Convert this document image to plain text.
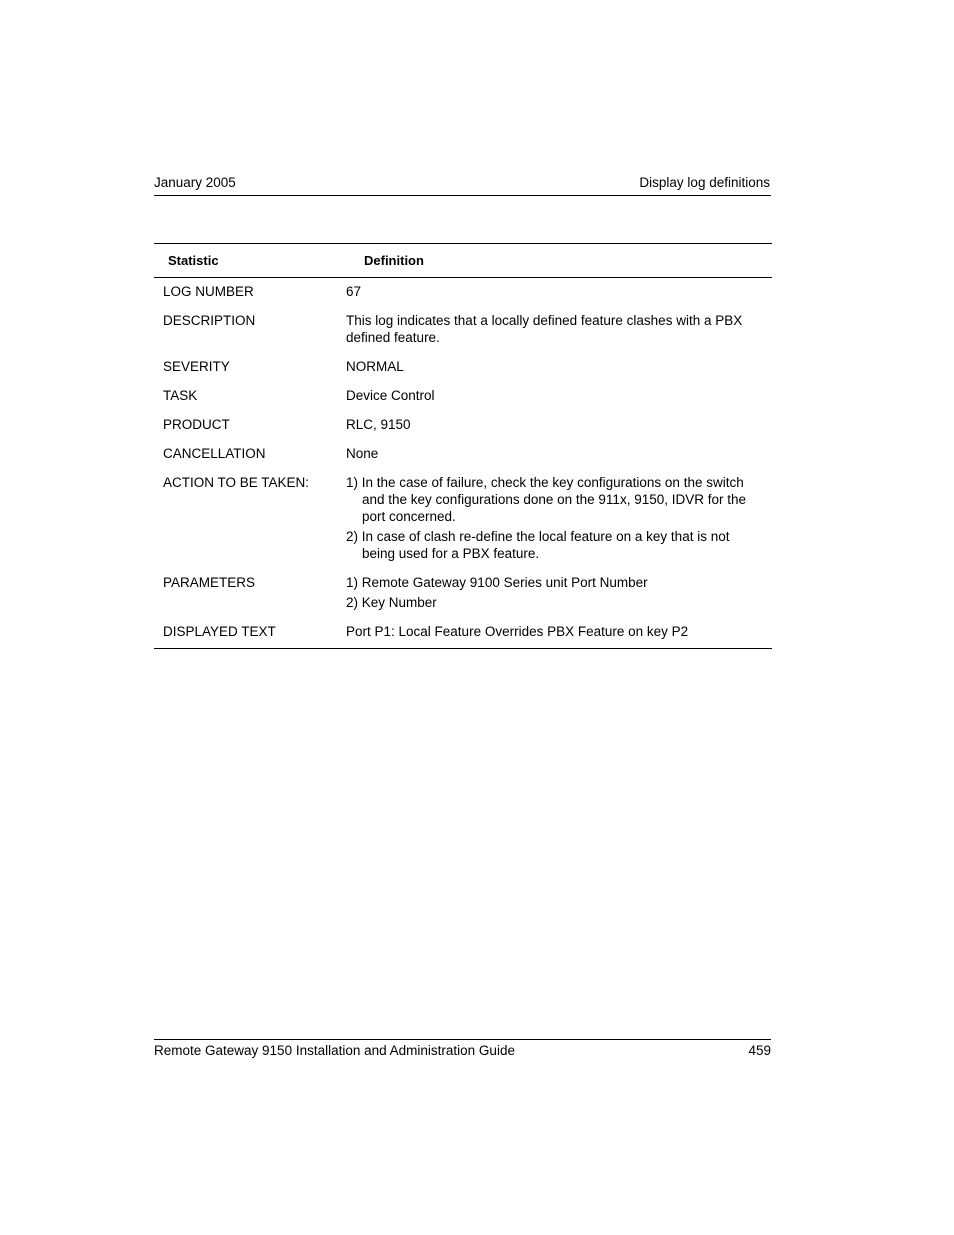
January 2005	Display log definitions
Statistic	Definition
LOG NUMBER	67
DESCRIPTION	This log indicates that a locally defined feature clashes with a PBX defined feature.
SEVERITY	NORMAL
TASK	Device Control
PRODUCT	RLC, 9150
CANCELLATION	None
ACTION TO BE TAKEN:	1) In the case of failure, check the key configurations on the switch and the key configurations done on the 911x, 9150, IDVR for the port concerned.
2) In case of clash re-define the local feature on a key that is not being used for a PBX feature.

PARAMETERS	1) Remote Gateway 9100 Series unit Port Number
2) Key Number

DISPLAYED TEXT	Port P1: Local Feature Overrides PBX Feature on key P2
Remote Gateway 9150 Installation and Administration Guide	459
